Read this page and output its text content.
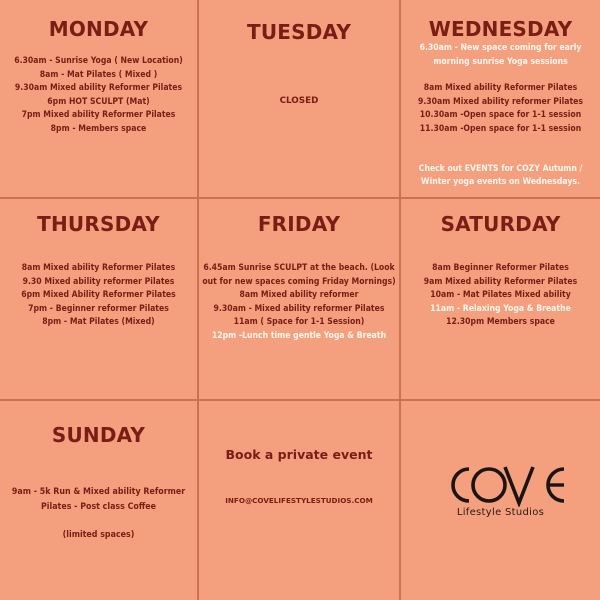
MONDAY
6.30am - Sunrise Yoga ( New Location)
8am - Mat Pilates ( Mixed )
9.30am Mixed ability Reformer Pilates
6pm HOT SCULPT (Mat)
7pm Mixed ability Reformer Pilates
8pm - Members space
TUESDAY
CLOSED
WEDNESDAY
6.30am - New space coming for early
morning sunrise Yoga sessions
8am Mixed ability Reformer Pilates
9.30am Mixed ability reformer Pilates
10.30am -Open space for 1-1 session
11.30am -Open space for 1-1 session
Check out EVENTS for COZY Autumn /
Winter yoga events on Wednesdays.
THURSDAY
8am Mixed ability Reformer Pilates
9.30 Mixed ability reformer Pilates
6pm Mixed Ability Reformer Pilates
7pm - Beginner reformer Pilates
8pm - Mat Pilates (Mixed)
FRIDAY
6.45am Sunrise SCULPT at the beach. (Look
out for new spaces coming Friday Mornings)
8am Mixed ability reformer
9.30am - Mixed ability reformer Pilates
11am ( Space for 1-1 Session)
12pm -Lunch time gentle Yoga & Breath
SATURDAY
8am Beginner Reformer Pilates
9am Mixed ability Reformer Pilates
10am - Mat Pilates Mixed ability
11am - Relaxing Yoga & Breathe
12.30pm Members space
SUNDAY
9am - 5k Run & Mixed ability Reformer
Pilates - Post class Coffee
(limited spaces)
Book a private event
INFO@COVELIFESTYLESTUDIOS.COM
Lifestyle Studios
